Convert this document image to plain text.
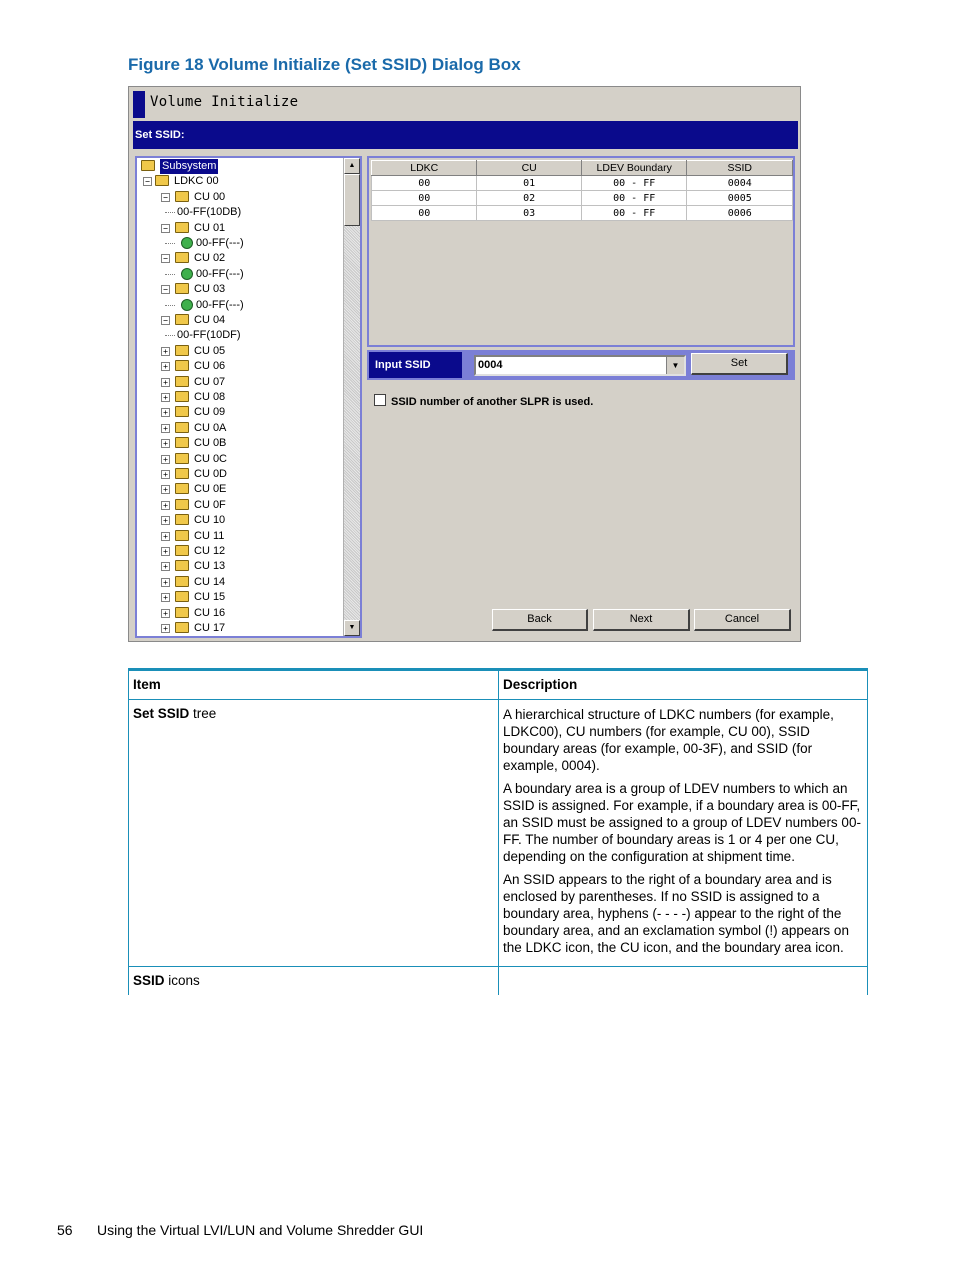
Figure 18 Volume Initialize (Set SSID) Dialog Box
Volume Initialize
Set SSID:
Subsystem
− LDKC 00
− CU 00
00-FF(10DB)
− CU 01
00-FF(---)
− CU 02
00-FF(---)
− CU 03
00-FF(---)
− CU 04
00-FF(10DF)
+ CU 05
+ CU 06
+ CU 07
+ CU 08
+ CU 09
+ CU 0A
+ CU 0B
+ CU 0C
+ CU 0D
+ CU 0E
+ CU 0F
+ CU 10
+ CU 11
+ CU 12
+ CU 13
+ CU 14
+ CU 15
+ CU 16
+ CU 17
▲
▼
LDKC	CU	LDEV Boundary	SSID
00	01	00 - FF	0004
00	02	00 - FF	0005
00	03	00 - FF	0006
Input SSID	0004	▼	Set
SSID number of another SLPR is used.
Back	Next	Cancel
Item	Description
Set SSID tree	A hierarchical structure of LDKC numbers (for example, LDKC00), CU numbers (for example, CU 00), SSID boundary areas (for example, 00-3F), and SSID (for example, 0004).

A boundary area is a group of LDEV numbers to which an SSID is assigned. For example, if a boundary area is 00-FF, an SSID must be assigned to a group of LDEV numbers 00-FF. The number of boundary areas is 1 or 4 per one CU, depending on the configuration at shipment time.

An SSID appears to the right of a boundary area and is enclosed by parentheses. If no SSID is assigned to a boundary area, hyphens (- - - -) appear to the right of the boundary area, and an exclamation symbol (!) appears on the LDKC icon, the CU icon, and the boundary area icon.

SSID icons	
56 Using the Virtual LVI/LUN and Volume Shredder GUI
